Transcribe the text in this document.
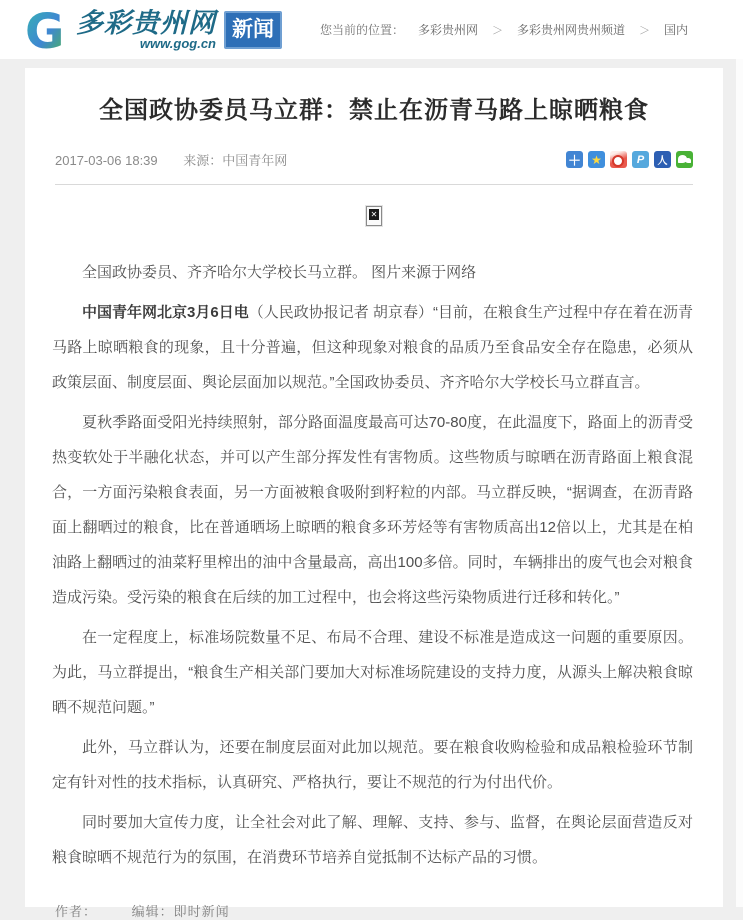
G 多彩贵州网
www.gog.cn
新闻	您当前的位置： 多彩贵州网 ＞ 多彩贵州网贵州频道 ＞ 国内
全国政协委员马立群：禁止在沥青马路上晾晒粮食
2017-03-06 18:39 来源：中国青年网	＋ ★	P	人
✕

全国政协委员、齐齐哈尔大学校长马立群。 图片来源于网络

中国青年网北京3月6日电（人民政协报记者 胡京春）“目前，在粮食生产过程中存在着在沥青马路上晾晒粮食的现象，且十分普遍，但这种现象对粮食的品质乃至食品安全存在隐患，必须从政策层面、制度层面、舆论层面加以规范。”全国政协委员、齐齐哈尔大学校长马立群直言。

夏秋季路面受阳光持续照射，部分路面温度最高可达70-80度，在此温度下，路面上的沥青受热变软处于半融化状态，并可以产生部分挥发性有害物质。这些物质与晾晒在沥青路面上粮食混合，一方面污染粮食表面，另一方面被粮食吸附到籽粒的内部。马立群反映，“据调查，在沥青路面上翻晒过的粮食，比在普通晒场上晾晒的粮食多环芳烃等有害物质高出12倍以上，尤其是在柏油路上翻晒过的油菜籽里榨出的油中含量最高，高出100多倍。同时，车辆排出的废气也会对粮食造成污染。受污染的粮食在后续的加工过程中，也会将这些污染物质进行迁移和转化。”

在一定程度上，标准场院数量不足、布局不合理、建设不标准是造成这一问题的重要原因。为此，马立群提出，“粮食生产相关部门要加大对标准场院建设的支持力度，从源头上解决粮食晾晒不规范问题。”

此外，马立群认为，还要在制度层面对此加以规范。要在粮食收购检验和成品粮检验环节制定有针对性的技术指标，认真研究、严格执行，要让不规范的行为付出代价。

同时要加大宣传力度，让全社会对此了解、理解、支持、参与、监督，在舆论层面营造反对粮食晾晒不规范行为的氛围，在消费环节培养自觉抵制不达标产品的习惯。

作者：	编辑：即时新闻
